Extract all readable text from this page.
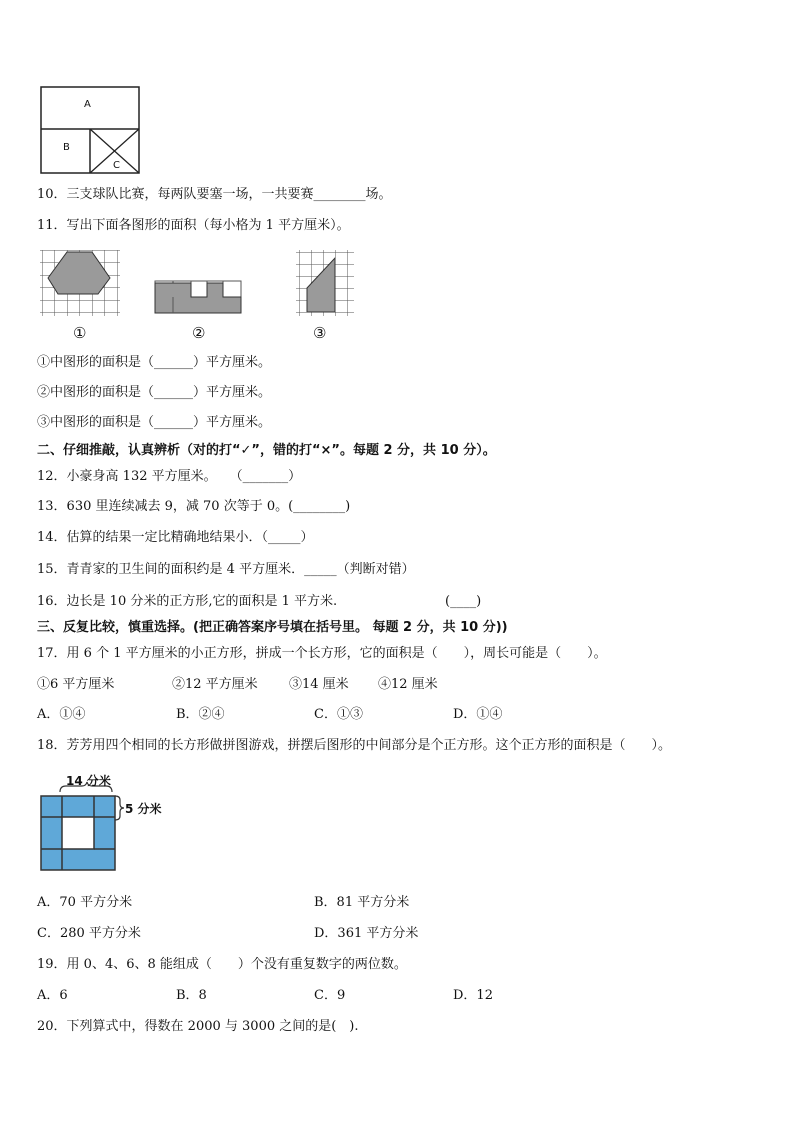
A
B
C
10．三支球队比赛，每两队要塞一场，一共要赛________场。
11．写出下面各图形的面积（每小格为 1 平方厘米）。
①	②	③
①中图形的面积是（______）平方厘米。
②中图形的面积是（______）平方厘米。
③中图形的面积是（______）平方厘米。
二、仔细推敲，认真辨析（对的打“✓”，错的打“×”。每题 2 分，共 10 分）。
12．小豪身高 132 平方厘米。　　（_______）
13．630 里连续减去 9，减 70 次等于 0。(________)
14．估算的结果一定比精确地结果小．（_____）
15．青青家的卫生间的面积约是 4 平方厘米．_____（判断对错）
16．边长是 10 分米的正方形,它的面积是 1 平方米.	(____)
三、反复比较，慎重选择。(把正确答案序号填在括号里。 每题 2 分，共 10 分))
17．用 6 个 1 平方厘米的小正方形，拼成一个长方形，它的面积是（　　），周长可能是（　　）。
①6 平方厘米	②12 平方厘米 ③14 厘米 ④12 厘米
A．①④	B．②④	C．①③	D．①④
18．芳芳用四个相同的长方形做拼图游戏，拼摆后图形的中间部分是个正方形。这个正方形的面积是（　　）。
14 分米
5 分米
A．70 平方分米	B．81 平方分米
C．280 平方分米	D．361 平方分米
19．用 0、4、6、8 能组成（　　）个没有重复数字的两位数。
A．6	B．8	C．9	D．12
20．下列算式中，得数在 2000 与 3000 之间的是(　).
